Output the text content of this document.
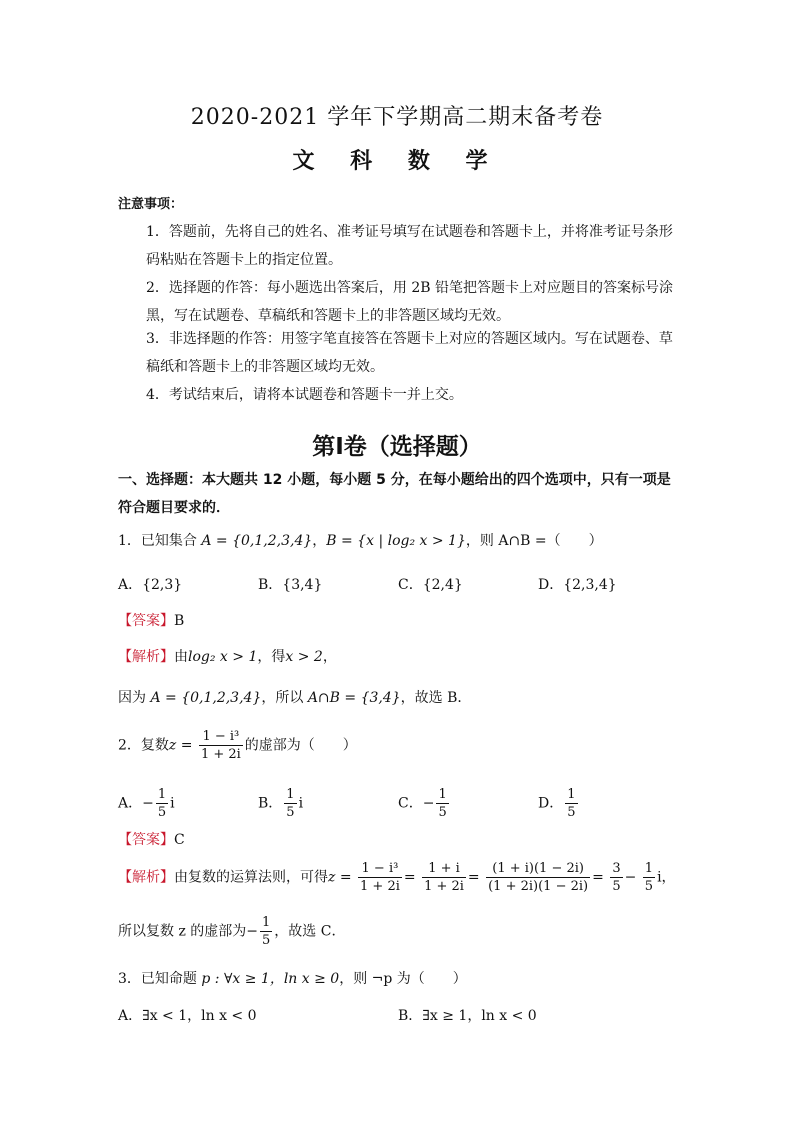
2020-2021 学年下学期高二期末备考卷
文 科 数 学
注意事项：
1．答题前，先将自己的姓名、准考证号填写在试题卷和答题卡上，并将准考证号条形码粘贴在答题卡上的指定位置。
2．选择题的作答：每小题选出答案后，用 2B 铅笔把答题卡上对应题目的答案标号涂黑，写在试题卷、草稿纸和答题卡上的非答题区域均无效。
3．非选择题的作答：用签字笔直接答在答题卡上对应的答题区域内。写在试题卷、草稿纸和答题卡上的非答题区域均无效。
4．考试结束后，请将本试题卷和答题卡一并上交。
第Ⅰ卷（选择题）
一、选择题：本大题共 12 小题，每小题 5 分，在每小题给出的四个选项中，只有一项是符合题目要求的．
1．已知集合 A = {0,1,2,3,4}，B = {x | log₂ x > 1}，则 A∩B =（　　）
A．{2,3}	B．{3,4}	C．{2,4}	D．{2,3,4}
【答案】B
【解析】由log₂ x > 1，得x > 2，
因为 A = {0,1,2,3,4}，所以 A∩B = {3,4}，故选 B．
2．复数$z = \frac{\text{1 − i³}}{1 + 2i}$ 的虚部为（　　）
A．− $\frac{1}{5}$ i	B． $\frac{1}{5}$ i	C．− $\frac{1}{5}$	D． $\frac{1}{5}$
【答案】C
【解析】由复数的运算法则，可得$z = \frac{\text{1 − i³}}{1 + 2i} = \frac{1 + i}{1 + 2i} = \frac{(1 + i)(1 - 2i)}{(1 + 2i)(1 - 2i)} = \frac{3}{5} - \frac{1}{5}$ i，
所以复数 z 的虚部为− $\frac{1}{5}$ ，故选 C．
3．已知命题 p : ∀x ≥ 1，ln x ≥ 0，则 ¬p 为（　　）
A．∃x < 1，ln x < 0	B．∃x ≥ 1，ln x < 0
